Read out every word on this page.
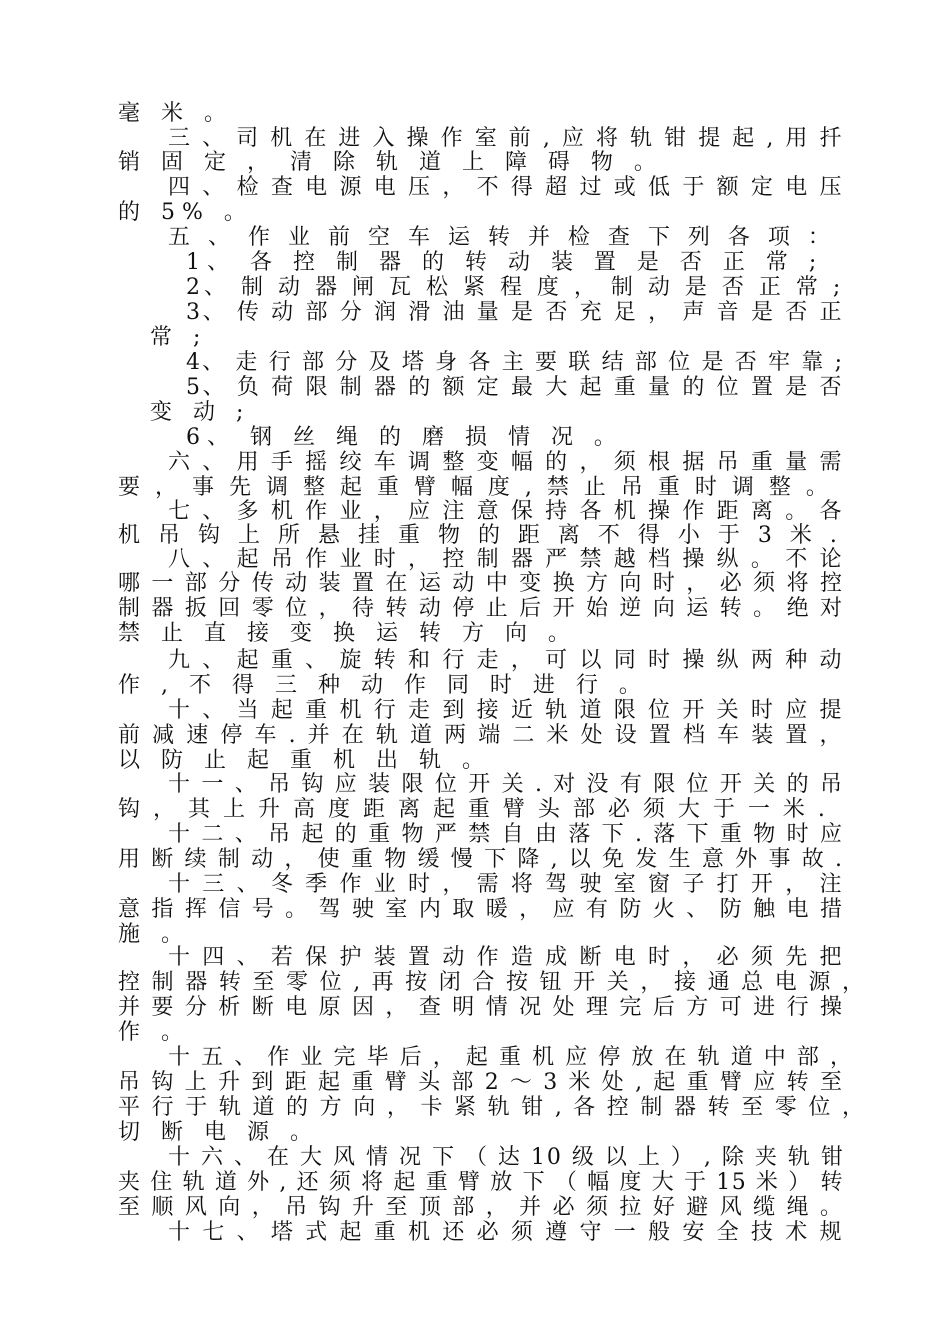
毫 米 。
三 、 司 机 在 进 入 操 作 室 前 , 应 将 轨 钳 提 起 , 用 扦
销 固 定 ， 清 除 轨 道 上 障 碍 物 。
四 、 检 查 电 源 电 压 ， 不 得 超 过 或 低 于 额 定 电 压
的 5% 。
五 、 作 业 前 空 车 运 转 并 检 查 下 列 各 项 ：
1、 各 控 制 器 的 转 动 装 置 是 否 正 常 ;
2、 制 动 器 闸 瓦 松 紧 程 度 ， 制 动 是 否 正 常 ;
3、 传 动 部 分 润 滑 油 量 是 否 充 足 ， 声 音 是 否 正
常 ;
4、 走 行 部 分 及 塔 身 各 主 要 联 结 部 位 是 否 牢 靠 ;
5、 负 荷 限 制 器 的 额 定 最 大 起 重 量 的 位 置 是 否
变 动 ;
6、 钢 丝 绳 的 磨 损 情 况 。
六 、 用 手 摇 绞 车 调 整 变 幅 的 ， 须 根 据 吊 重 量 需
要 ， 事 先 调 整 起 重 臂 幅 度 , 禁 止 吊 重 时 调 整 。
七 、 多 机 作 业 ， 应 注 意 保 持 各 机 操 作 距 离 。 各
机 吊 钩 上 所 悬 挂 重 物 的 距 离 不 得 小 于 3 米 .
八 、 起 吊 作 业 时 ， 控 制 器 严 禁 越 档 操 纵 。 不 论
哪 一 部 分 传 动 装 置 在 运 动 中 变 换 方 向 时 ， 必 须 将 控
制 器 扳 回 零 位 ， 待 转 动 停 止 后 开 始 逆 向 运 转 。 绝 对
禁 止 直 接 变 换 运 转 方 向 。
九 、 起 重 、 旋 转 和 行 走 ， 可 以 同 时 操 纵 两 种 动
作 , 不 得 三 种 动 作 同 时 进 行 。
十 、 当 起 重 机 行 走 到 接 近 轨 道 限 位 开 关 时 应 提
前 减 速 停 车 . 并 在 轨 道 两 端 二 米 处 设 置 档 车 装 置 ，
以 防 止 起 重 机 出 轨 。
十 一 、 吊 钩 应 装 限 位 开 关 . 对 没 有 限 位 开 关 的 吊
钩 ， 其 上 升 高 度 距 离 起 重 臂 头 部 必 须 大 于 一 米 .
十 二 、 吊 起 的 重 物 严 禁 自 由 落 下 . 落 下 重 物 时 应
用 断 续 制 动 ， 使 重 物 缓 慢 下 降 , 以 免 发 生 意 外 事 故 .
十 三 、 冬 季 作 业 时 ， 需 将 驾 驶 室 窗 子 打 开 ， 注
意 指 挥 信 号 。 驾 驶 室 内 取 暖 ， 应 有 防 火 、 防 触 电 措
施 。
十 四 、 若 保 护 装 置 动 作 造 成 断 电 时 ， 必 须 先 把
控 制 器 转 至 零 位 , 再 按 闭 合 按 钮 开 关 ， 接 通 总 电 源 ，
并 要 分 析 断 电 原 因 ， 查 明 情 况 处 理 完 后 方 可 进 行 操
作 。
十 五 、 作 业 完 毕 后 ， 起 重 机 应 停 放 在 轨 道 中 部 ，
吊 钩 上 升 到 距 起 重 臂 头 部 2 ～ 3 米 处 , 起 重 臂 应 转 至
平 行 于 轨 道 的 方 向 ， 卡 紧 轨 钳 , 各 控 制 器 转 至 零 位 ，
切 断 电 源 。
十 六 、 在 大 风 情 况 下 （ 达 10 级 以 上 ） , 除 夹 轨 钳
夹 住 轨 道 外 , 还 须 将 起 重 臂 放 下 （ 幅 度 大 于 15 米 ） 转
至 顺 风 向 ， 吊 钩 升 至 顶 部 ， 并 必 须 拉 好 避 风 缆 绳 。
十 七 、 塔 式 起 重 机 还 必 须 遵 守 一 般 安 全 技 术 规
